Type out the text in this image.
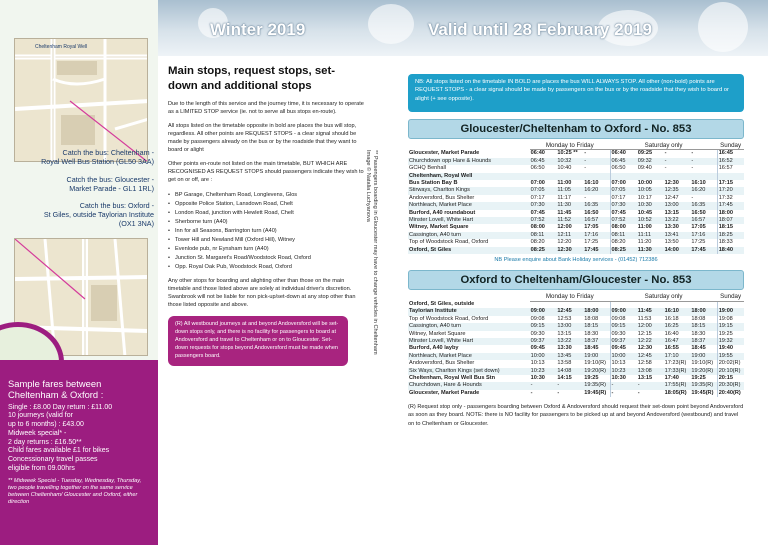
Cheltenham Royal Well
Catch the bus: Cheltenham -
Royal Well Bus Station (GL50 3AA)
Catch the bus: Gloucester -
Market Parade - GL1 1RL)
Catch the bus: Oxford -
St Giles, outside Taylorian Institute
(OX1 3NA)
Sample fares between Cheltenham & Oxford :
Single : £8.00 Day return : £11.00
10 journeys (valid for
up to 6 months) : £43.00
Midweek special* -
2 day returns : £16.50**
Child fares available £1 for bikes
Concessionary travel passes
eligible from 09.00hrs
** Midweek Special - Tuesday, Wednesday, Thursday, two people travelling together on the same service between Cheltenham/ Gloucester and Oxford, either direction
Winter 2019	Valid until 28 February 2019
Main stops, request stops, set-down and additional stops

Due to the length of this service and the journey time, it is necessary to operate as a LIMITED STOP service (ie. not to serve all bus stops en-route).

All stops listed on the timetable opposite in bold are places the bus will stop, regardless. All other points are REQUEST STOPS - a clear signal should be made by passengers already on the bus or by the roadside that they want to board or alight

Other points en-route not listed on the main timetable, BUT WHICH ARE RECOGNISED AS REQUEST STOPS should passengers indicate they wish to get on or off, are :

• BP Garage, Cheltenham Road, Longlevens, Glos
• Opposite Police Station, Lansdown Road, Chelt
• London Road, junction with Hewlett Road, Chelt
• Sherborne turn (A40)
• Inn for all Seasons, Barrington turn (A40)
• Tower Hill and Newland Mill (Oxford Hill), Witney
• Evenlode pub, nr Eynsham turn (A40)
• Junction St. Margaret's Road/Woodstock Road, Oxford
• Opp. Royal Oak Pub, Woodstock Road, Oxford

Any other stops for boarding and alighting other than those on the main timetable and those listed above are solely at individual driver's discretion. Swanbrook will not be liable for non pick-up/set-down at any stop other than those listed opposite and above.

(R) All westbound journeys at and beyond Andoversford will be set-down stops only, and there is no facility for passengers to board at Andoversford and travel to Cheltenham or on to Gloucester. Set-down requests for stops beyond Andoversford must be made when passengers board.
** Passengers boarding in Gloucester may have to change vehicles in Cheltenham
Image © Natalia Luchyanova
NB: All stops listed on the timetable IN BOLD are places the bus WILL ALWAYS STOP. All other (non-bold) points are REQUEST STOPS - a clear signal should be made by passengers on the bus or by the roadside that they wish to board or alight (+ see opposite).
Gloucester/Cheltenham to Oxford - No. 853
	Monday to Friday			Saturday only				Sunday
Gloucester, Market Parade	06:40	10:25 **	-	06:40	09:25	-	-	16:45
Churchdown opp Hare & Hounds	06:45	10:32	-	06:45	09:32	-	-	16:52
GCHQ Benhall	06:50	10:40	-	06:50	09:40	-	-	16:57
Cheltenham, Royal Well								
Bus Station Bay B	07:00	11:00	16:10	07:00	10:00	12:30	16:10	17:15
Stirways, Charlton Kings	07:05	11:05	16:20	07:05	10:05	12:35	16:20	17:20
Andoversford, Bus Shelter	07:17	11:17	-	07:17	10:17	12:47	-	17:32
Northleach, Market Place	07:30	11:30	16:35	07:30	10:30	13:00	16:35	17:45
Burford, A40 roundabout	07:45	11:45	16:50	07:45	10:45	13:15	16:50	18:00
Minster Lovell, White Hart	07:52	11:52	16:57	07:52	10:52	13:22	16:57	18:07
Witney, Market Square	08:00	12:00	17:05	08:00	11:00	13:30	17:05	18:15
Cassington, A40 turn	08:11	12:11	17:16	08:11	11:11	13:41	17:16	18:25
Top of Woodstock Road, Oxford	08:20	12:20	17:25	08:20	11:20	13:50	17:25	18:33
Oxford, St Giles	08:25	12:30	17:45	08:25	11:30	14:00	17:45	18:40
NB Please enquire about Bank Holiday services - (01452) 712386
Oxford to Cheltenham/Gloucester - No. 853
	Monday to Friday			Saturday only				Sunday
Oxford, St Giles, outside								
Taylorian Institute	09:00	12:45	18:00	09:00	11:45	16:10	18:00	19:00
Top of Woodstock Road, Oxford	09:08	12:53	18:08	09:08	11:53	16:18	18:08	19:08
Cassington, A40 turn	09:15	13:00	18:15	09:15	12:00	16:25	18:15	19:15
Witney, Market Square	09:30	13:15	18:30	09:30	12:15	16:40	18:30	19:25
Minster Lovell, White Hart	09:37	13:22	18:37	09:37	12:22	16:47	18:37	19:32
Burford, A40 layby	09:45	13:30	18:45	09:45	12:30	16:55	18:45	19:40
Northleach, Market Place	10:00	13:45	19:00	10:00	12:45	17:10	19:00	19:55
Andoversford, Bus Shelter	10:13	13:58	19:10(R)	10:13	12:58	17:23(R)	19:10(R)	20:02(R)
Six Ways, Charlton Kings (set down)	10:23	14:08	19:20(R)	10:23	13:08	17:33(R)	19:20(R)	20:10(R)
Cheltenham, Royal Well Bus Stn	10:30	14:15	19:25	10:30	13:15	17:40	19:25	20:15
Churchdown, Hare & Hounds	-	-	19:35(R)	-	-	17:55(R)	19:35(R)	20:30(R)
Gloucester, Market Parade	-	-	19:45(R)	-	-	18:05(R)	19:45(R)	20:40(R)
(R) Request stop only - passengers boarding between Oxford & Andoversford should request their set-down point beyond Andoversford as soon as they board. NOTE: there is NO facility for passengers to be picked up at and beyond Andoversford (westbound) and travel on to Cheltenham or Gloucester.
